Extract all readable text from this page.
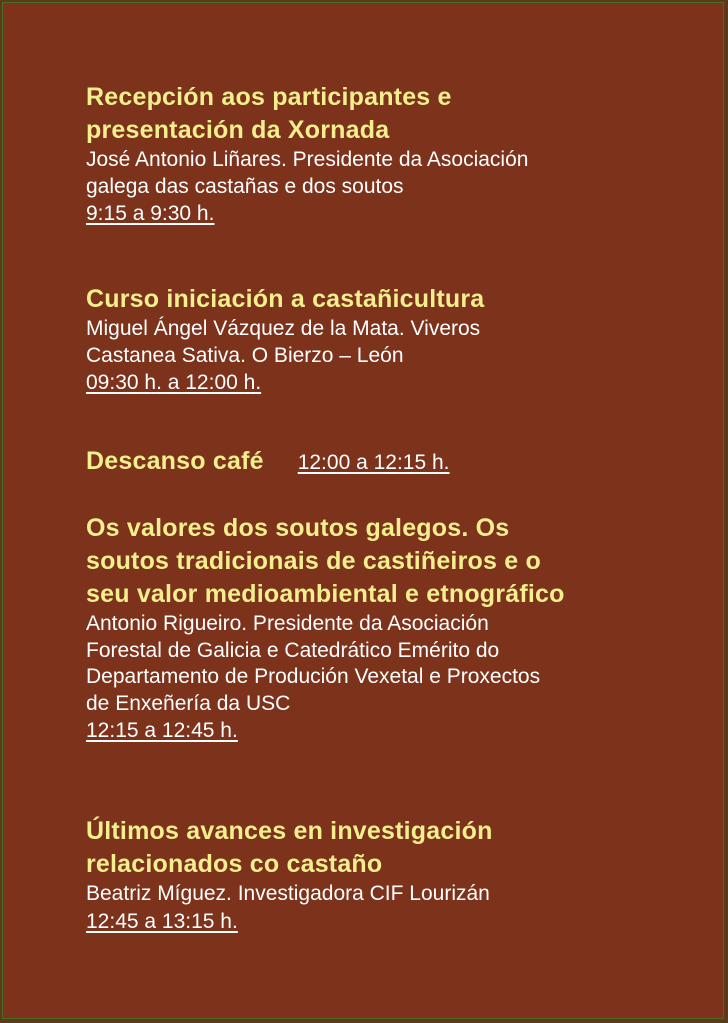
Recepción aos participantes e
presentación da Xornada
José Antonio Liñares. Presidente da Asociación
galega das castañas e dos soutos
9:15 a 9:30 h.
Curso iniciación a castañicultura
Miguel Ángel Vázquez de la Mata. Viveros
Castanea Sativa. O Bierzo – León
09:30 h. a 12:00 h.
Descanso café 12:00 a 12:15 h.
Os valores dos soutos galegos. Os
soutos tradicionais de castiñeiros e o
seu valor medioambiental e etnográfico
Antonio Rigueiro. Presidente da Asociación
Forestal de Galicia e Catedrático Emérito do
Departamento de Produción Vexetal e Proxectos
de Enxeñería da USC
12:15 a 12:45 h.
Últimos avances en investigación
relacionados co castaño
Beatriz Míguez. Investigadora CIF Lourizán
12:45 a 13:15 h.
